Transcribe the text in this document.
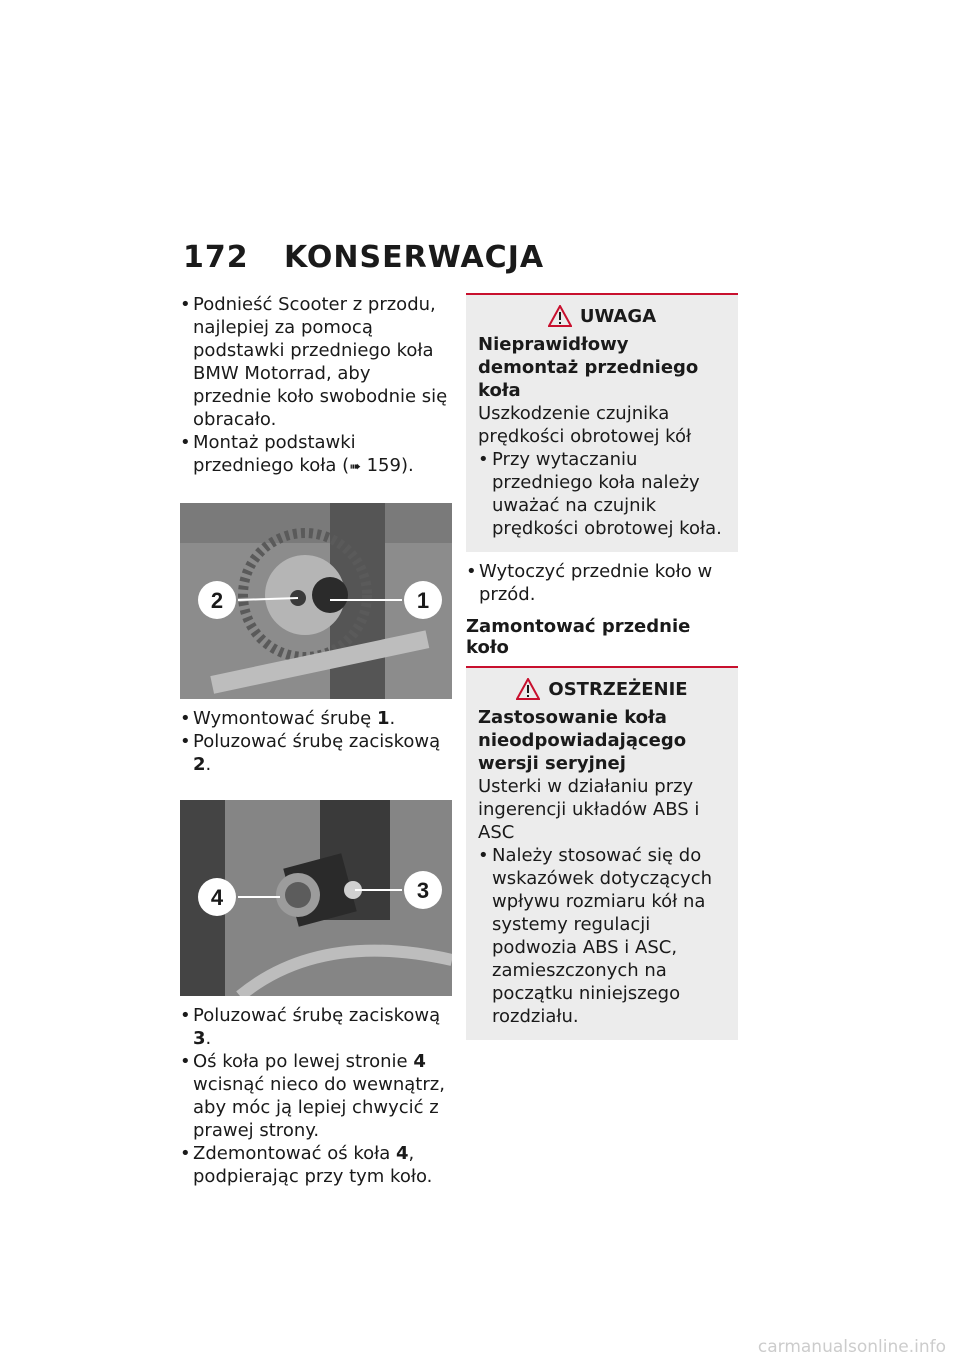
172 KONSERWACJA
• Podnieść Scooter z przodu, najlepiej za pomocą podstawki przedniego koła BMW Motorrad, aby przednie koło swobodnie się obracało.
• Montaż podstawki przedniego koła (➠ 159).
2	1
• Wymontować śrubę 1.
• Poluzować śrubę zaciskową 2.
4	3
• Poluzować śrubę zaciskową 3.
• Oś koła po lewej stronie 4 wcisnąć nieco do wewnątrz, aby móc ją lepiej chwycić z prawej strony.
• Zdemontować oś koła 4, podpierając przy tym koło.
UWAGA
Nieprawidłowy demontaż przedniego koła
Uszkodzenie czujnika prędkości obrotowej kół
• Przy wytaczaniu przedniego koła należy uważać na czujnik prędkości obrotowej koła.
• Wytoczyć przednie koło w przód.
Zamontować przednie koło
OSTRZEŻENIE
Zastosowanie koła nieodpowiadającego wersji seryjnej
Usterki w działaniu przy ingerencji układów ABS i ASC
• Należy stosować się do wskazówek dotyczących wpływu rozmiaru kół na systemy regulacji podwozia ABS i ASC, zamieszczonych na początku niniejszego rozdziału.
carmanualsonline.info
